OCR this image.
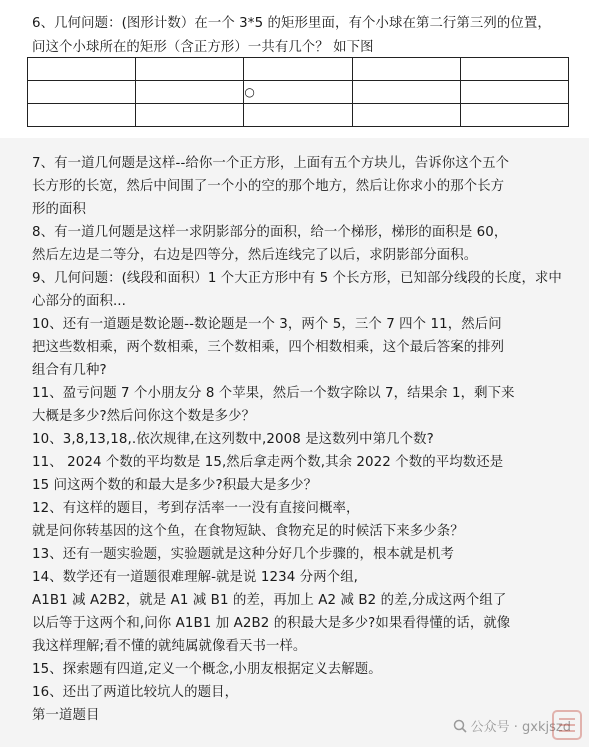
6、几何问题：(图形计数）在一个 3*5 的矩形里面，有个小球在第二行第三列的位置，
问这个小球所在的矩形（含正方形）一共有几个？ 如下图

		○		

7、有一道几何题是这样--给你一个正方形，上面有五个方块儿，告诉你这个五个
长方形的长宽，然后中间围了一个小的空的那个地方，然后让你求小的那个长方
形的面积
8、有一道几何题是这样一求阴影部分的面积，给一个梯形，梯形的面积是 60，
然后左边是二等分，右边是四等分，然后连线完了以后，求阴影部分面积。
9、几何问题：(线段和面积）1 个大正方形中有 5 个长方形，已知部分线段的长度，求中
心部分的面积...
10、还有一道题是数论题--数论题是一个 3，两个 5，三个 7 四个 11，然后问
把这些数相乘，两个数相乘，三个数相乘，四个相数相乘，这个最后答案的排列
组合有几种?
11、盈亏问题 7 个小朋友分 8 个苹果，然后一个数字除以 7，结果余 1，剩下来
大概是多少?然后问你这个数是多少？
10、3,8,13,18,.依次规律,在这列数中,2008 是这数列中第几个数?
11、 2024 个数的平均数是 15,然后拿走两个数,其余 2022 个数的平均数还是
15 问这两个数的和最大是多少?积最大是多少？
12、有这样的题目，考到存活率一一没有直接问概率，
就是问你转基因的这个鱼，在食物短缺、食物充足的时候活下来多少条？
13、还有一题实验题，实验题就是这种分好几个步骤的，根本就是机考
14、数学还有一道题很难理解-就是说 1234 分两个组,
A1B1 减 A2B2，就是 A1 减 B1 的差，再加上 A2 减 B2 的差,分成这两个组了
以后等于这两个和,问你 A1B1 加 A2B2 的积最大是多少?如果看得懂的话，就像
我这样理解;看不懂的就纯属就像看天书一样。
15、探索题有四道,定义一个概念,小朋友根据定义去解题。
16、还出了两道比较坑人的题目，
第一道题目
公众号 · gxkjszd
